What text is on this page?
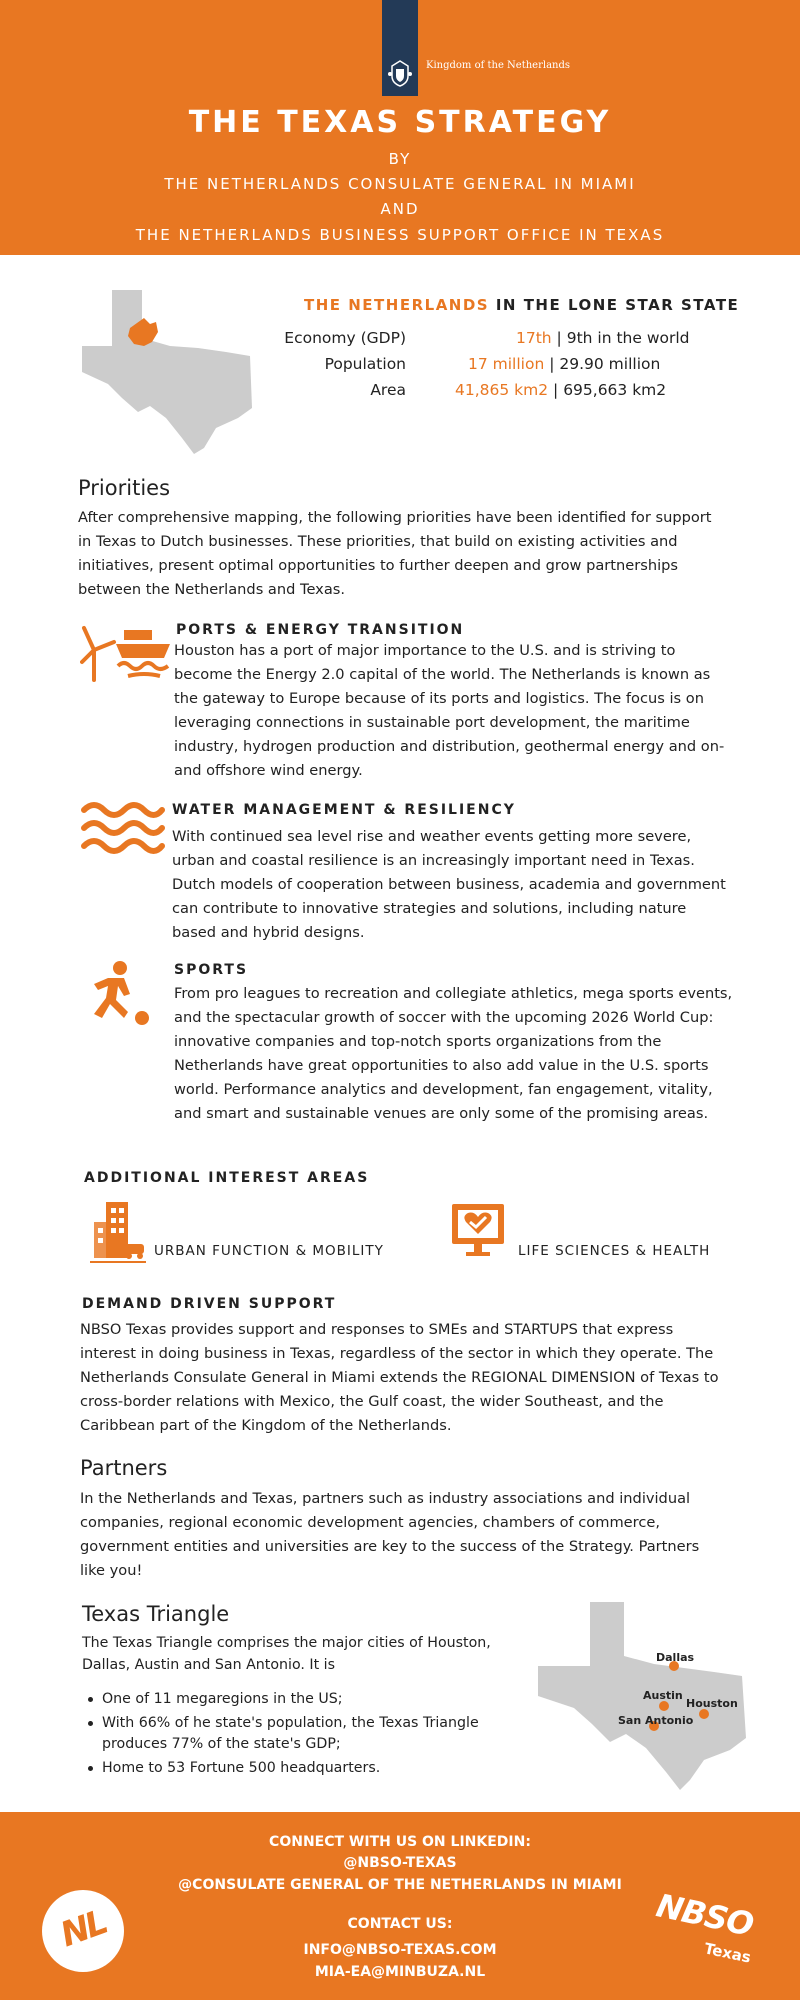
Kingdom of the Netherlands
THE TEXAS STRATEGY
BY
THE NETHERLANDS CONSULATE GENERAL IN MIAMI
AND
THE NETHERLANDS BUSINESS SUPPORT OFFICE IN TEXAS
THE NETHERLANDS IN THE LONE STAR STATE
Economy (GDP)	17th | 9th in the world
Population	17 million | 29.90 million
Area	41,865 km2 | 695,663 km2
Priorities
After comprehensive mapping, the following priorities have been identified for support in Texas to Dutch businesses. These priorities, that build on existing activities and initiatives, present optimal opportunities to further deepen and grow partnerships between the Netherlands and Texas.
PORTS & ENERGY TRANSITION
Houston has a port of major importance to the U.S. and is striving to become the Energy 2.0 capital of the world. The Netherlands is known as the gateway to Europe because of its ports and logistics. The focus is on leveraging connections in sustainable port development, the maritime industry, hydrogen production and distribution, geothermal energy and on- and offshore wind energy.
WATER MANAGEMENT & RESILIENCY
With continued sea level rise and weather events getting more severe, urban and coastal resilience is an increasingly important need in Texas. Dutch models of cooperation between business, academia and government can contribute to innovative strategies and solutions, including nature based and hybrid designs.
SPORTS
From pro leagues to recreation and collegiate athletics, mega sports events, and the spectacular growth of soccer with the upcoming 2026 World Cup: innovative companies and top-notch sports organizations from the Netherlands have great opportunities to also add value in the U.S. sports world. Performance analytics and development, fan engagement, vitality, and smart and sustainable venues are only some of the promising areas.
ADDITIONAL INTEREST AREAS
URBAN FUNCTION & MOBILITY	LIFE SCIENCES & HEALTH
DEMAND DRIVEN SUPPORT
NBSO Texas provides support and responses to SMEs and STARTUPS that express interest in doing business in Texas, regardless of the sector in which they operate. The Netherlands Consulate General in Miami extends the REGIONAL DIMENSION of Texas to cross-border relations with Mexico, the Gulf coast, the wider Southeast, and the Caribbean part of the Kingdom of the Netherlands.
Partners
In the Netherlands and Texas, partners such as industry associations and individual companies, regional economic development agencies, chambers of commerce, government entities and universities are key to the success of the Strategy. Partners like you!
Texas Triangle
The Texas Triangle comprises the major cities of Houston, Dallas, Austin and San Antonio. It is
One of 11 megaregions in the US;
With 66% of he state's population, the Texas Triangle produces 77% of the state's GDP;
Home to 53 Fortune 500 headquarters.
Dallas
Austin
Houston
San Antonio
CONNECT WITH US ON LINKEDIN:
@NBSO-TEXAS
@CONSULATE GENERAL OF THE NETHERLANDS IN MIAMI
CONTACT US:
INFO@NBSO-TEXAS.COM
MIA-EA@MINBUZA.NL
NL	NBSO
Texas
